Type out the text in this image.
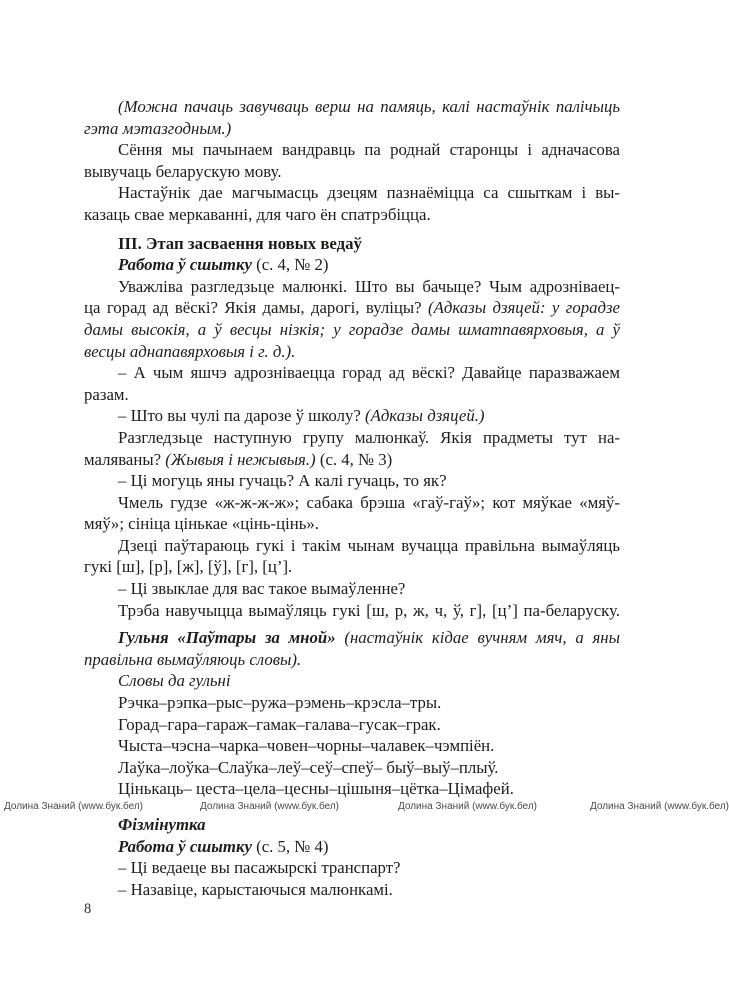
(Можна пачаць завучваць верш на памяць, калі настаўнік палічыць
гэта мэтазгодным.)
Сёння мы пачынаем вандравць па роднай старонцы і адначасова
вывучаць беларускую мову.
Настаўнік дае магчымасць дзецям пазнаёміцца са сшыткам і вы-
казаць свае меркаванні, для чаго ён спатрэбіцца.
III. Этап засваення новых ведаў
Работа ў сшытку (с. 4, № 2)
Уважліва разгледзьце малюнкі. Што вы бачыце? Чым адрозніваец-
ца горад ад вёскі? Якія дамы, дарогі, вуліцы? (Адказы дзяцей: у горадзе
дамы высокія, а ў весцы нізкія; у горадзе дамы шматпавярховыя, а ў
весцы аднапавярховыя і г. д.).
– А чым яшчэ адрозніваецца горад ад вёскі? Давайце паразважаем
разам.
– Што вы чулі па дарозе ў школу? (Адказы дзяцей.)
Разгледзьце наступную групу малюнкаў. Якія прадметы тут на-
маляваны? (Жывыя і нежывыя.) (с. 4, № 3)
– Ці могуць яны гучаць? А калі гучаць, то як?
Чмель гудзе «ж-ж-ж-ж»; сабака брэша «гаў-гаў»; кот мяўкае «мяў-
мяў»; сініца цінькае «цінь-цінь».
Дзеці паўтараюць гукі і такім чынам вучацца правільна вымаўляць
гукі [ш], [р], [ж], [ў], [г], [ц’].
– Ці звыклае для вас такое вымаўленне?
Трэба навучыцца вымаўляць гукі [ш, р, ж, ч, ў, г], [ц’] па-беларуску.
Гульня «Паўтары за мной» (настаўнік кідае вучням мяч, а яны
правільна вымаўляюць словы).
Словы да гульні
Рэчка–рэпка–рыс–ружа–рэмень–крэсла–тры.
Горад–гара–гараж–гамак–галава–гусак–грак.
Чыста–чэсна–чарка–човен–чорны–чалавек–чэмпіён.
Лаўка–лоўка–Слаўка–леў–сеў–спеў– быў–выў–плыў.
Цінькаць– цеста–цела–цесны–цішыня–цётка–Цімафей.
Фізмінутка
Работа ў сшытку (с. 5, № 4)
– Ці ведаеце вы пасажырскі транспарт?
– Назавіце, карыстаючыся малюнкамі.
Долина Знаний (www.бук.бел)	Долина Знаний (www.бук.бел)	Долина Знаний (www.бук.бел)	Долина Знаний (www.бук.бел)
8
